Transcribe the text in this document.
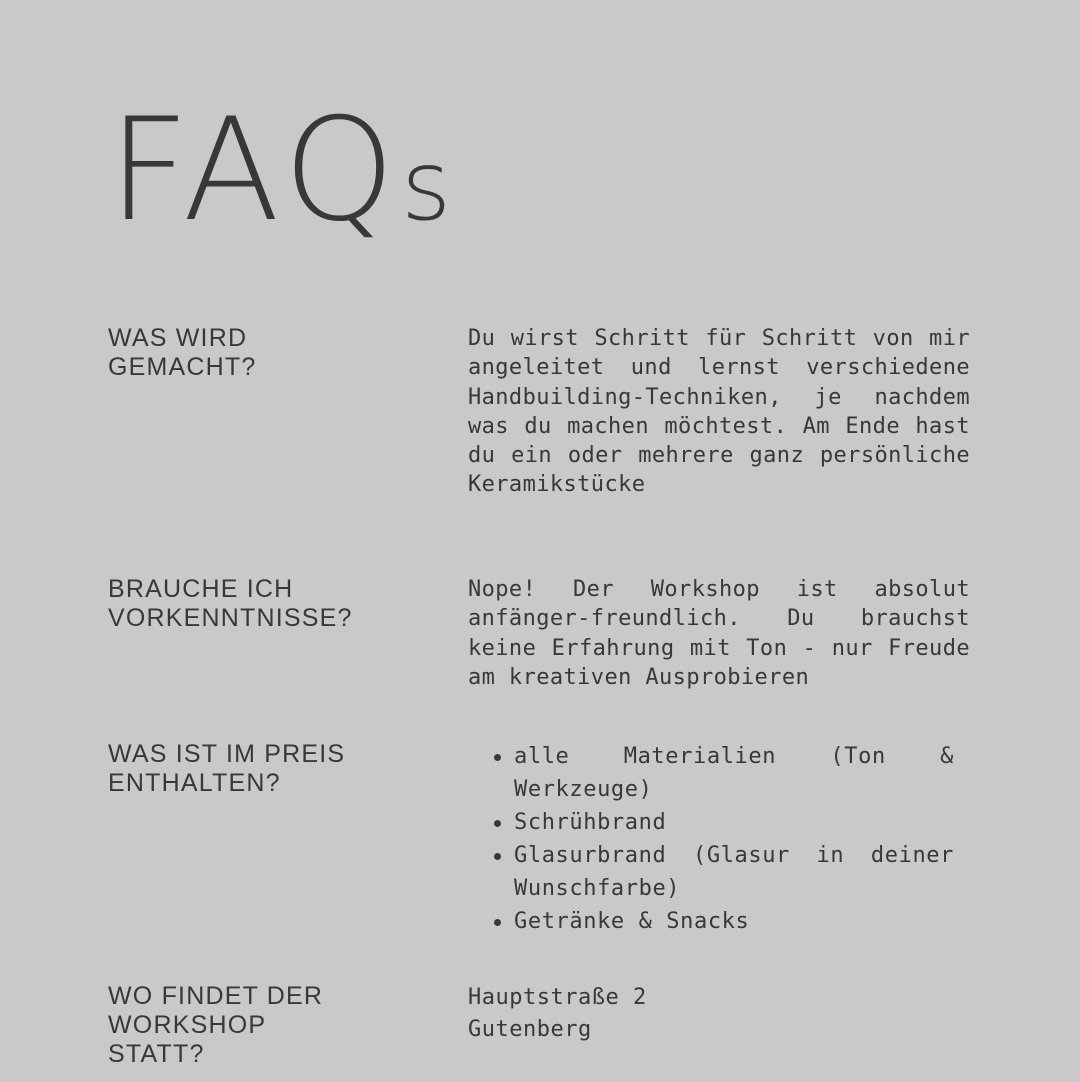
FAQs
WAS WIRD GEMACHT?

Du wirst Schritt für Schritt von mir angeleitet und lernst verschiedene Handbuilding-Techniken, je nachdem was du machen möchtest. Am Ende hast du ein oder mehrere ganz persönliche Keramikstücke

BRAUCHE ICH VORKENNTNISSE?

Nope! Der Workshop ist absolut anfänger-freundlich. Du brauchst keine Erfahrung mit Ton - nur Freude am kreativen Ausprobieren

WAS IST IM PREIS ENTHALTEN?
alle Materialien (Ton & Werkzeuge)
Schrühbrand
Glasurbrand (Glasur in deiner Wunschfarbe)
Getränke & Snacks
WO FINDET DER WORKSHOP STATT?

Hauptstraße 2
Gutenberg
